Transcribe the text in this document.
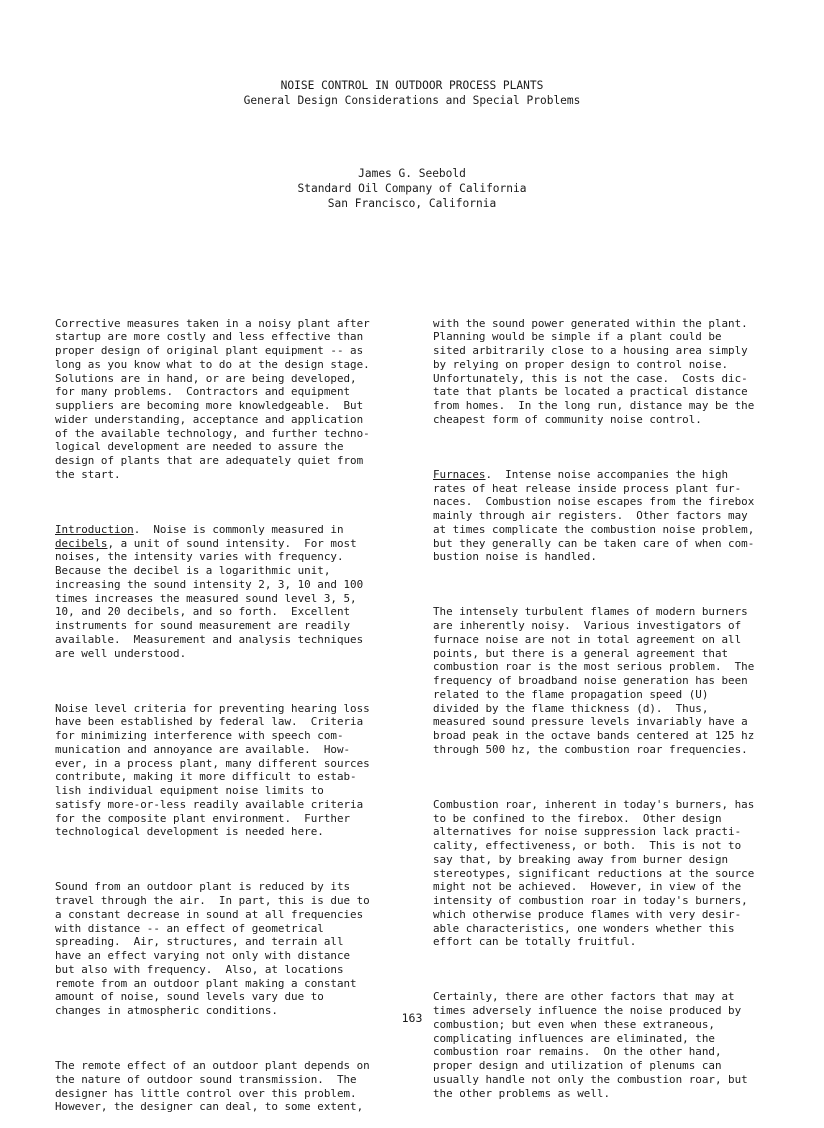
NOISE CONTROL IN OUTDOOR PROCESS PLANTS
General Design Considerations and Special Problems
James G. Seebold
Standard Oil Company of California
San Francisco, California

Corrective measures taken in a noisy plant after
startup are more costly and less effective than
proper design of original plant equipment -- as
long as you know what to do at the design stage.
Solutions are in hand, or are being developed,
for many problems.  Contractors and equipment
suppliers are becoming more knowledgeable.  But
wider understanding, acceptance and application
of the available technology, and further techno-
logical development are needed to assure the
design of plants that are adequately quiet from
the start.

Introduction.  Noise is commonly measured in
decibels, a unit of sound intensity.  For most
noises, the intensity varies with frequency.
Because the decibel is a logarithmic unit,
increasing the sound intensity 2, 3, 10 and 100
times increases the measured sound level 3, 5,
10, and 20 decibels, and so forth.  Excellent
instruments for sound measurement are readily
available.  Measurement and analysis techniques
are well understood.

Noise level criteria for preventing hearing loss
have been established by federal law.  Criteria
for minimizing interference with speech com-
munication and annoyance are available.  How-
ever, in a process plant, many different sources
contribute, making it more difficult to estab-
lish individual equipment noise limits to
satisfy more-or-less readily available criteria
for the composite plant environment.  Further
technological development is needed here.

Sound from an outdoor plant is reduced by its
travel through the air.  In part, this is due to
a constant decrease in sound at all frequencies
with distance -- an effect of geometrical
spreading.  Air, structures, and terrain all
have an effect varying not only with distance
but also with frequency.  Also, at locations
remote from an outdoor plant making a constant
amount of noise, sound levels vary due to
changes in atmospheric conditions.

The remote effect of an outdoor plant depends on
the nature of outdoor sound transmission.  The
designer has little control over this problem.
However, the designer can deal, to some extent,

with the sound power generated within the plant.
Planning would be simple if a plant could be
sited arbitrarily close to a housing area simply
by relying on proper design to control noise.
Unfortunately, this is not the case.  Costs dic-
tate that plants be located a practical distance
from homes.  In the long run, distance may be the
cheapest form of community noise control.

Furnaces.  Intense noise accompanies the high
rates of heat release inside process plant fur-
naces.  Combustion noise escapes from the firebox
mainly through air registers.  Other factors may
at times complicate the combustion noise problem,
but they generally can be taken care of when com-
bustion noise is handled.

The intensely turbulent flames of modern burners
are inherently noisy.  Various investigators of
furnace noise are not in total agreement on all
points, but there is a general agreement that
combustion roar is the most serious problem.  The
frequency of broadband noise generation has been
related to the flame propagation speed (U)
divided by the flame thickness (d).  Thus,
measured sound pressure levels invariably have a
broad peak in the octave bands centered at 125 hz
through 500 hz, the combustion roar frequencies.

Combustion roar, inherent in today's burners, has
to be confined to the firebox.  Other design
alternatives for noise suppression lack practi-
cality, effectiveness, or both.  This is not to
say that, by breaking away from burner design
stereotypes, significant reductions at the source
might not be achieved.  However, in view of the
intensity of combustion roar in today's burners,
which otherwise produce flames with very desir-
able characteristics, one wonders whether this
effort can be totally fruitful.

Certainly, there are other factors that may at
times adversely influence the noise produced by
combustion; but even when these extraneous,
complicating influences are eliminated, the
combustion roar remains.  On the other hand,
proper design and utilization of plenums can
usually handle not only the combustion roar, but
the other problems as well.

163
